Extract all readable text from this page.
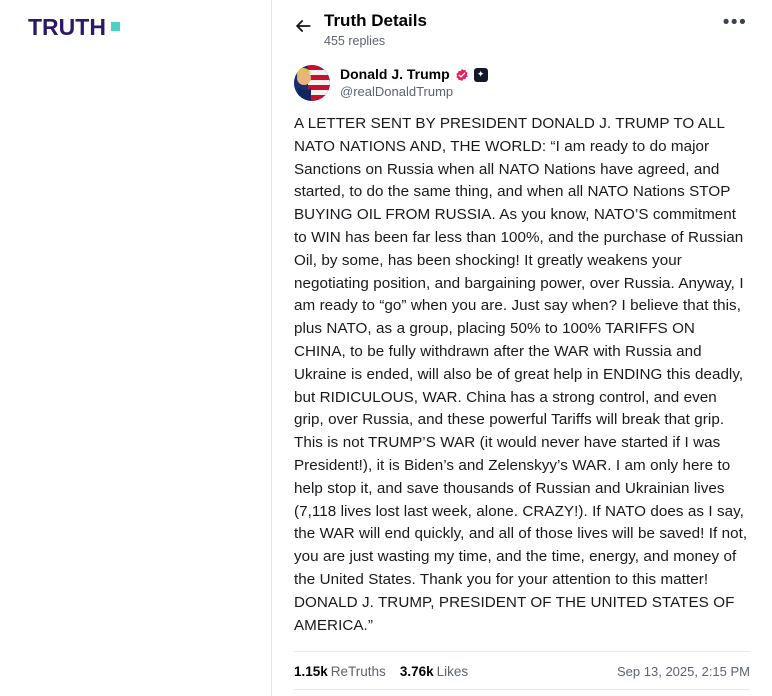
TRUTH	Truth Details
455 replies
•••
Donald J. Trump	✦
@realDonaldTrump
A LETTER SENT BY PRESIDENT DONALD J. TRUMP TO ALL NATO NATIONS AND, THE WORLD: “I am ready to do major Sanctions on Russia when all NATO Nations have agreed, and started, to do the same thing, and when all NATO Nations STOP BUYING OIL FROM RUSSIA. As you know, NATO’S commitment to WIN has been far less than 100%, and the purchase of Russian Oil, by some, has been shocking! It greatly weakens your negotiating position, and bargaining power, over Russia. Anyway, I am ready to “go” when you are. Just say when? I believe that this, plus NATO, as a group, placing 50% to 100% TARIFFS ON CHINA, to be fully withdrawn after the WAR with Russia and Ukraine is ended, will also be of great help in ENDING this deadly, but RIDICULOUS, WAR. China has a strong control, and even grip, over Russia, and these powerful Tariffs will break that grip. This is not TRUMP’S WAR (it would never have started if I was President!), it is Biden’s and Zelenskyy’s WAR. I am only here to help stop it, and save thousands of Russian and Ukrainian lives (7,118 lives lost last week, alone. CRAZY!). If NATO does as I say, the WAR will end quickly, and all of those lives will be saved! If not, you are just wasting my time, and the time, energy, and money of the United States. Thank you for your attention to this matter! DONALD J. TRUMP, PRESIDENT OF THE UNITED STATES OF AMERICA.”
1.15k ReTruths 3.76k Likes	Sep 13, 2025, 2:15 PM
